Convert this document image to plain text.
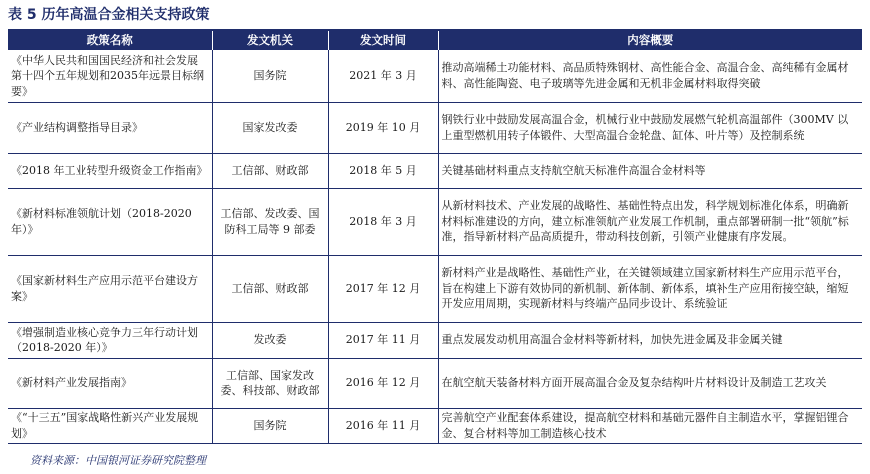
表 5 历年高温合金相关支持政策
政策名称	发文机关	发文时间	内容概要
《中华人民共和国国民经济和社会发展第十四个五年规划和2035年远景目标纲要》	国务院	2021 年 3 月	推动高端稀土功能材料、高品质特殊钢材、高性能合金、高温合金、高纯稀有金属材料、高性能陶瓷、电子玻璃等先进金属和无机非金属材料取得突破
《产业结构调整指导目录》	国家发改委	2019 年 10 月	钢铁行业中鼓励发展高温合金，机械行业中鼓励发展燃气轮机高温部件（300MV 以上重型燃机用转子体锻件、大型高温合金轮盘、缸体、叶片等）及控制系统
《2018 年工业转型升级资金工作指南》	工信部、财政部	2018 年 5 月	关键基础材料重点支持航空航天标准件高温合金材料等
《新材料标准领航计划（2018-2020 年）》	工信部、发改委、国防科工局等 9 部委	2018 年 3 月	从新材料技术、产业发展的战略性、基础性特点出发，科学规划标准化体系，明确新材料标准建设的方向，建立标准领航产业发展工作机制，重点部署研制一批“领航”标准，指导新材料产品高质提升，带动科技创新，引领产业健康有序发展。
《国家新材料生产应用示范平台建设方案》	工信部、财政部	2017 年 12 月	新材料产业是战略性、基础性产业，在关键领域建立国家新材料生产应用示范平台，旨在构建上下游有效协同的新机制、新体制、新体系，填补生产应用衔接空缺，缩短开发应用周期，实现新材料与终端产品同步设计、系统验证
《增强制造业核心竞争力三年行动计划（2018-2020 年）》	发改委	2017 年 11 月	重点发展发动机用高温合金材料等新材料，加快先进金属及非金属关键
《新材料产业发展指南》	工信部、国家发改委、科技部、财政部	2016 年 12 月	在航空航天装备材料方面开展高温合金及复杂结构叶片材料设计及制造工艺攻关
《“十三五”国家战略性新兴产业发展规划》	国务院	2016 年 11 月	完善航空产业配套体系建设，提高航空材料和基础元器件自主制造水平，掌握铝锂合金、复合材料等加工制造核心技术
资料来源：中国银河证券研究院整理
